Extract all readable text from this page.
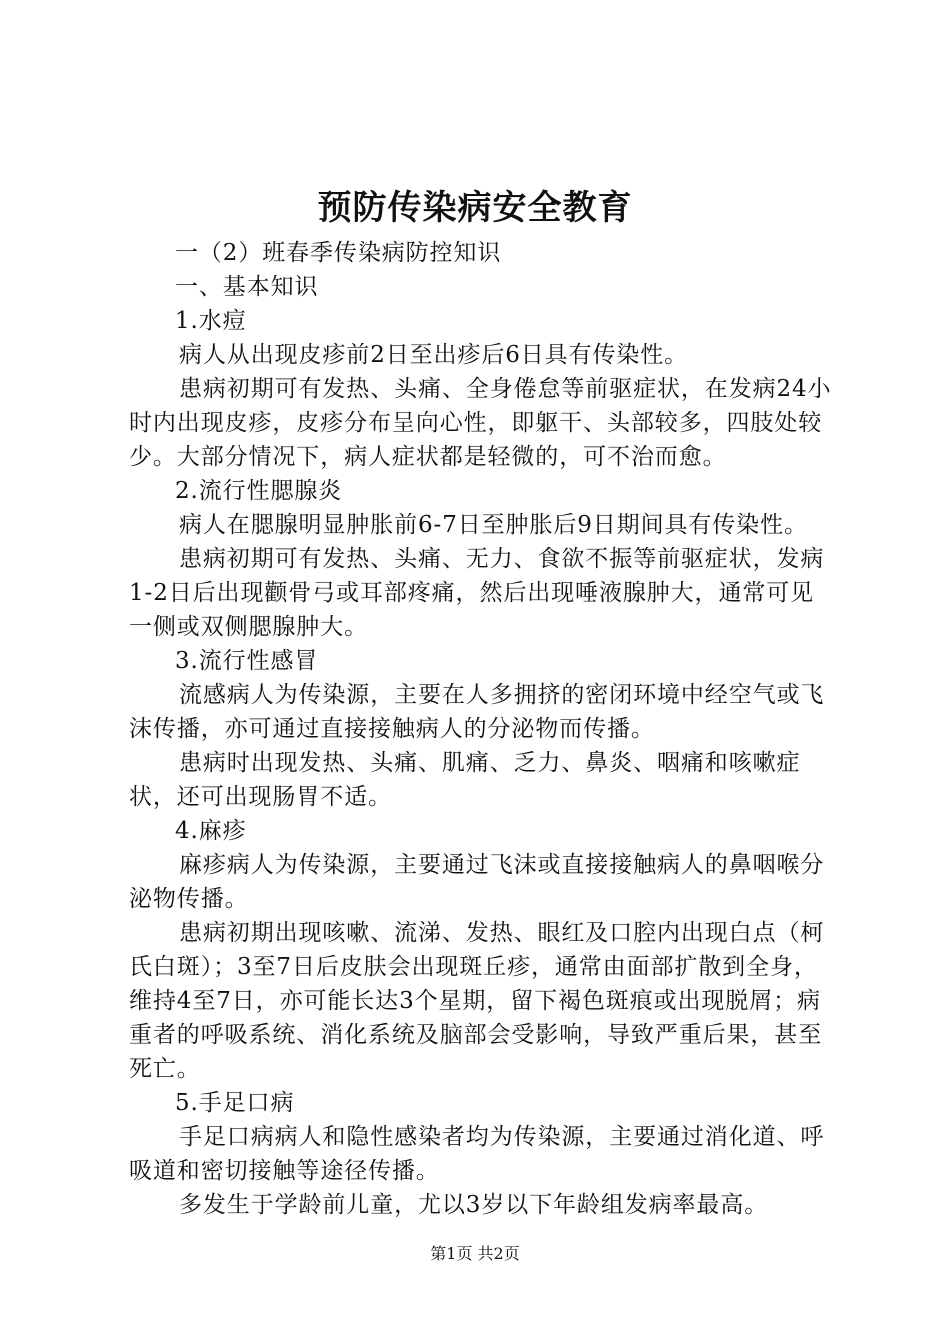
预防传染病安全教育

一（2）班春季传染病防控知识

一、基本知识

1.水痘

病人从出现皮疹前2日至出疹后6日具有传染性。

患病初期可有发热、头痛、全身倦怠等前驱症状，在发病24小时内出现皮疹，皮疹分布呈向心性，即躯干、头部较多，四肢处较少。大部分情况下，病人症状都是轻微的，可不治而愈。

2.流行性腮腺炎

病人在腮腺明显肿胀前6-7日至肿胀后9日期间具有传染性。

患病初期可有发热、头痛、无力、食欲不振等前驱症状，发病1-2日后出现颧骨弓或耳部疼痛，然后出现唾液腺肿大，通常可见一侧或双侧腮腺肿大。

3.流行性感冒

流感病人为传染源，主要在人多拥挤的密闭环境中经空气或飞沫传播，亦可通过直接接触病人的分泌物而传播。

患病时出现发热、头痛、肌痛、乏力、鼻炎、咽痛和咳嗽症状，还可出现肠胃不适。

4.麻疹

麻疹病人为传染源，主要通过飞沫或直接接触病人的鼻咽喉分泌物传播。

患病初期出现咳嗽、流涕、发热、眼红及口腔内出现白点（柯氏白斑）；3至7日后皮肤会出现斑丘疹，通常由面部扩散到全身，维持4至7日，亦可能长达3个星期，留下褐色斑痕或出现脱屑；病重者的呼吸系统、消化系统及脑部会受影响，导致严重后果，甚至死亡。

5.手足口病

手足口病病人和隐性感染者均为传染源，主要通过消化道、呼吸道和密切接触等途径传播。

多发生于学龄前儿童，尤以3岁以下年龄组发病率最高。

第1页 共2页
